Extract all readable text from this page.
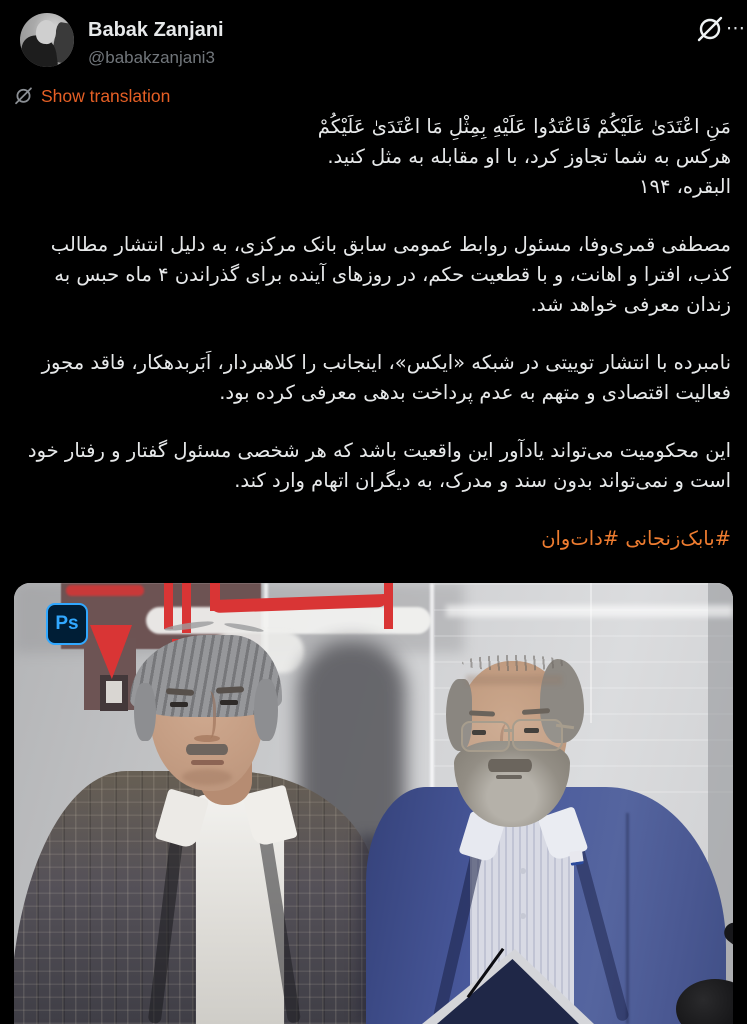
Babak Zanjani
@babakzanjani3
⋯
Show translation

مَنِ اعْتَدَىٰ عَلَيْكُمْ فَاعْتَدُوا عَلَيْهِ بِمِثْلِ مَا اعْتَدَىٰ عَلَيْكُمْ
هرکس به شما تجاوز کرد، با او مقابله به مثل کنید.
البقره، ۱۹۴

مصطفی قمری‌وفا، مسئول روابط عمومی سابق بانک مرکزی، به دلیل انتشار مطالب کذب، افترا و اهانت، و با قطعیت حکم، در روزهای آینده برای گذراندن ۴ ماه حبس به زندان معرفی خواهد شد.

نامبرده با انتشار توییتی در شبکه «ایکس»، اینجانب را کلاهبردار، اَبَربدهکار، فاقد مجوز فعالیت اقتصادی و متهم به عدم پرداخت بدهی معرفی کرده بود.

این محکومیت می‌تواند یادآور این واقعیت باشد که هر شخصی مسئول گفتار و رفتار خود است و نمی‌تواند بدون سند و مدرک، به دیگران اتهام وارد کند.

#بابک‌زنجانی #دات‌وان

Ps
